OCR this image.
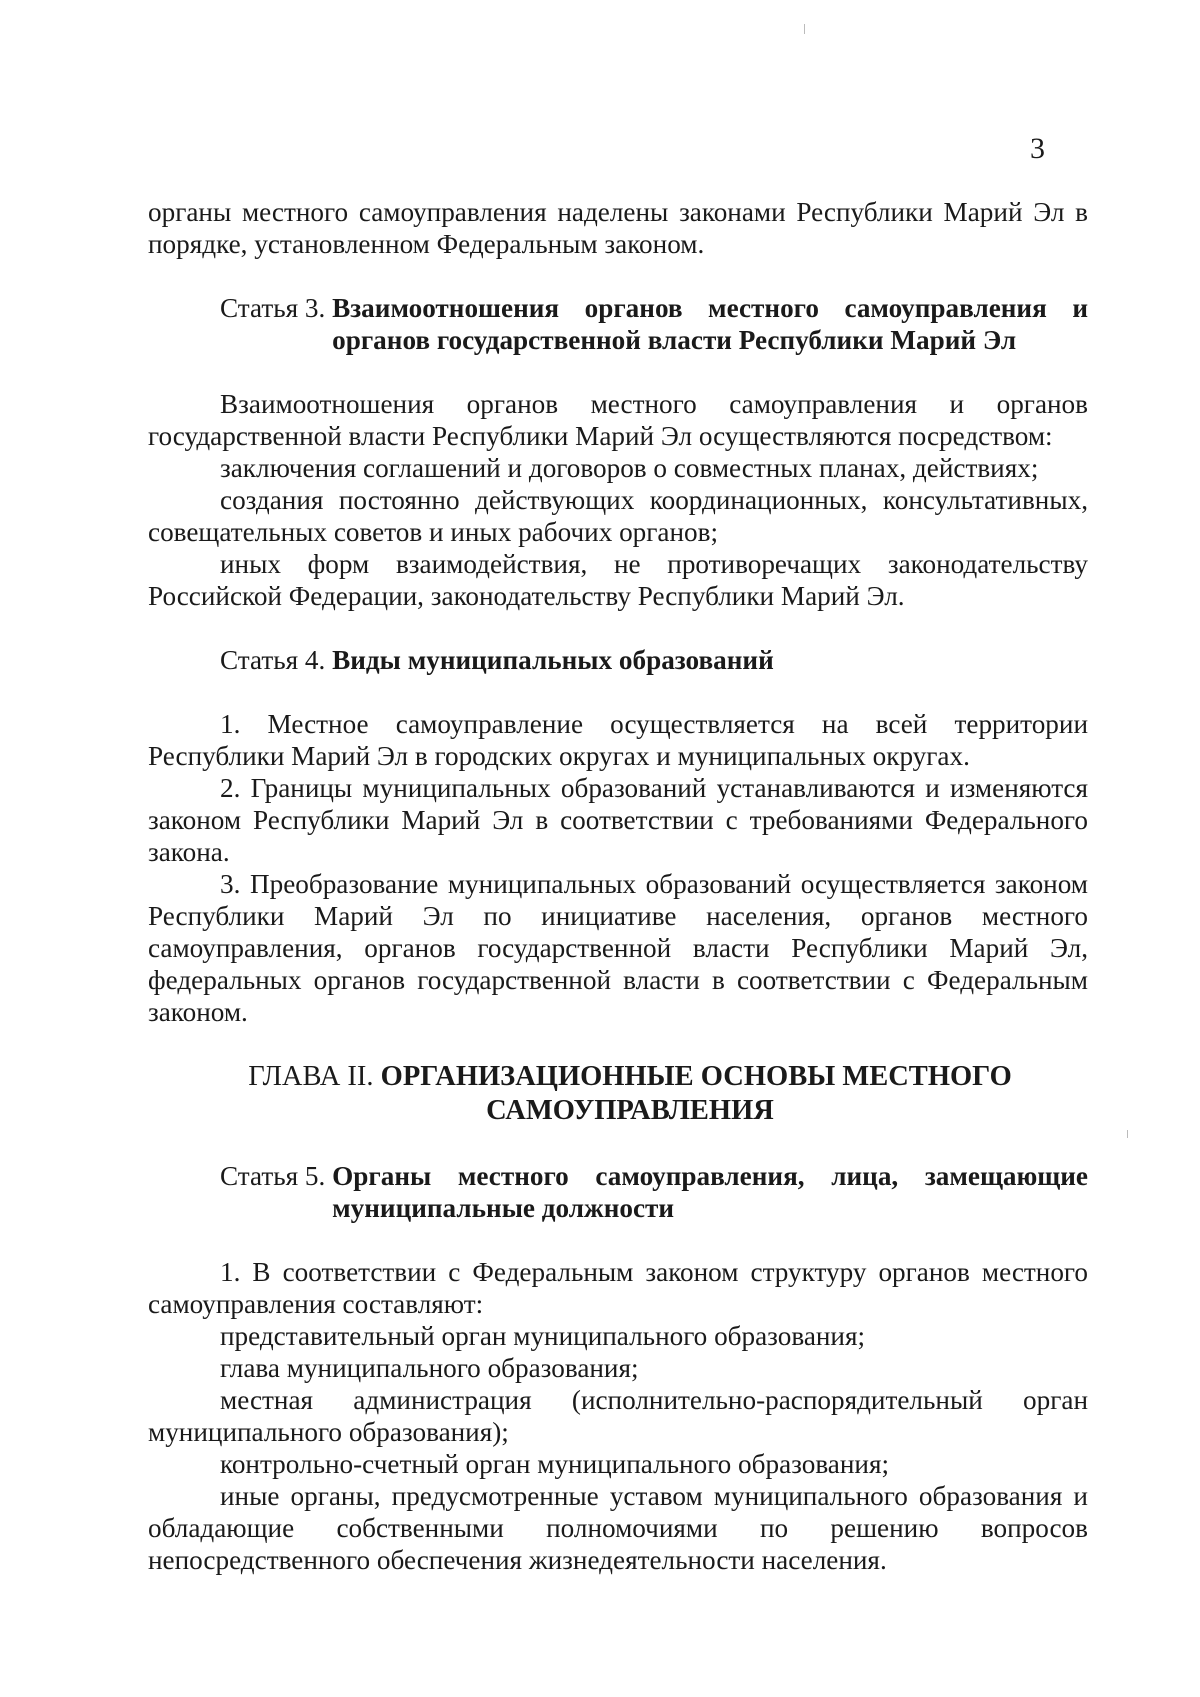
3

органы местного самоуправления наделены законами Республики Марий Эл в порядке, установленном Федеральным законом.

Статья 3. Взаимоотношения органов местного самоуправления и органов государственной власти Республики Марий Эл

Взаимоотношения органов местного самоуправления и органов государственной власти Республики Марий Эл осуществляются посредством:

заключения соглашений и договоров о совместных планах, действиях;

создания постоянно действующих координационных, консультативных, совещательных советов и иных рабочих органов;

иных форм взаимодействия, не противоречащих законодательству Российской Федерации, законодательству Республики Марий Эл.

Статья 4. Виды муниципальных образований

1. Местное самоуправление осуществляется на всей территории Республики Марий Эл в городских округах и муниципальных округах.

2. Границы муниципальных образований устанавливаются и изменяются законом Республики Марий Эл в соответствии с требованиями Федерального закона.

3. Преобразование муниципальных образований осуществляется законом Республики Марий Эл по инициативе населения, органов местного самоуправления, органов государственной власти Республики Марий Эл, федеральных органов государственной власти в соответствии с Федеральным законом.

ГЛАВА II. ОРГАНИЗАЦИОННЫЕ ОСНОВЫ МЕСТНОГО
САМОУПРАВЛЕНИЯ
Статья 5. Органы местного самоуправления, лица, замещающие муниципальные должности

1. В соответствии с Федеральным законом структуру органов местного самоуправления составляют:

представительный орган муниципального образования;

глава муниципального образования;

местная администрация (исполнительно-распорядительный орган муниципального образования);

контрольно-счетный орган муниципального образования;

иные органы, предусмотренные уставом муниципального образования и обладающие собственными полномочиями по решению вопросов непосредственного обеспечения жизнедеятельности населения.
